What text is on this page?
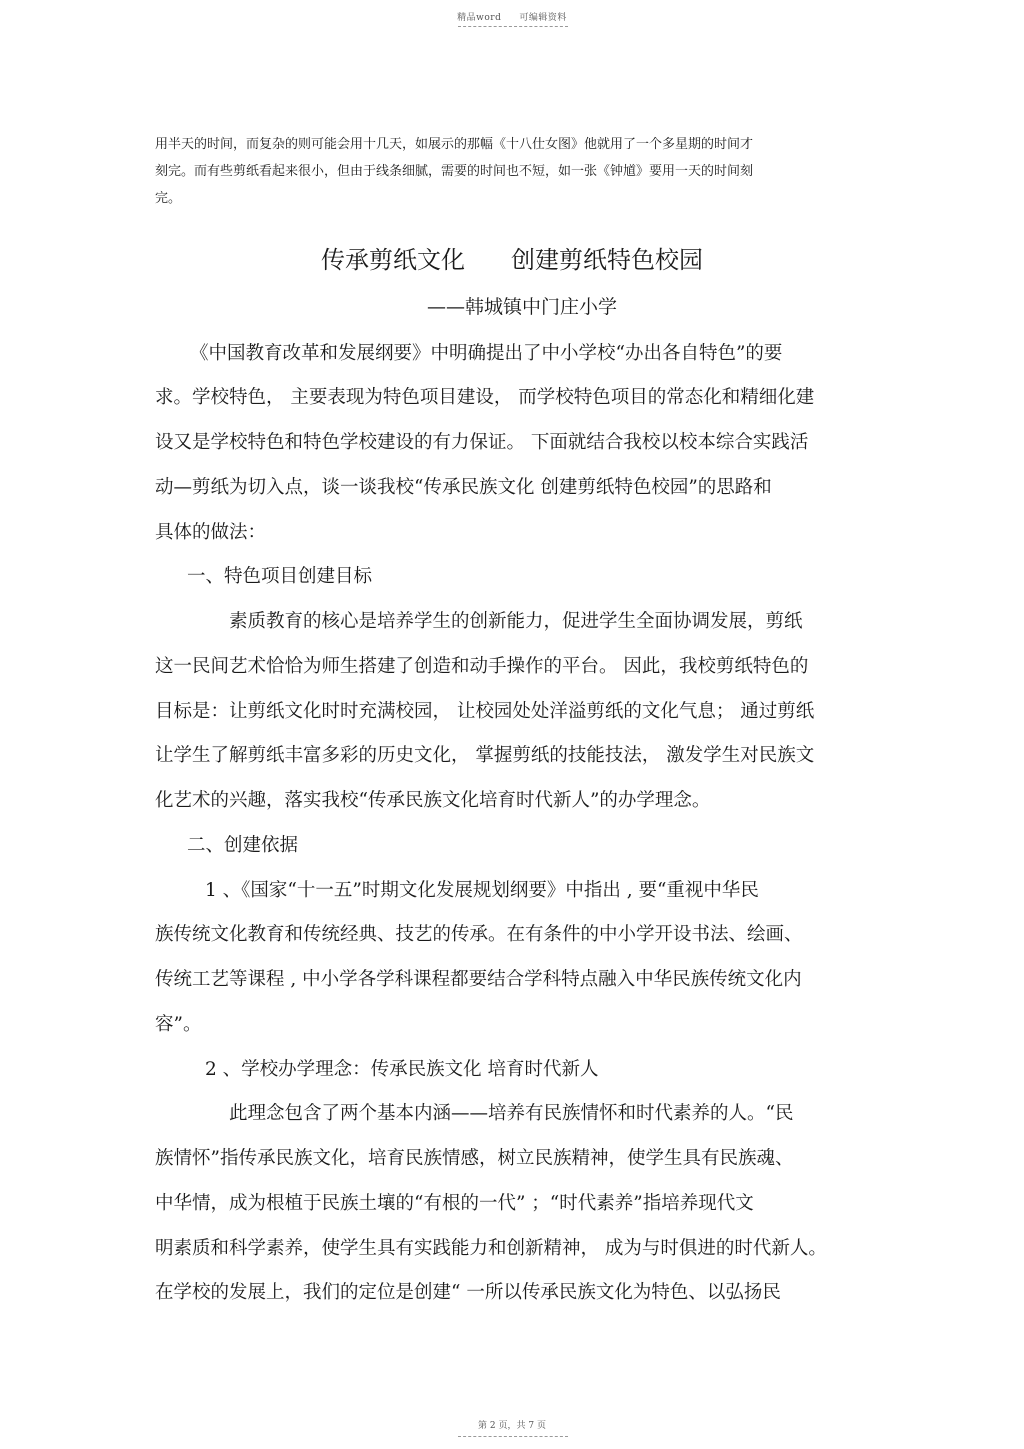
精品word 可编辑资料

用半天的时间，而复杂的则可能会用十几天，如展示的那幅《十八仕女图》他就用了一个多星期的时间才

刻完。而有些剪纸看起来很小，但由于线条细腻，需要的时间也不短，如一张《钟馗》要用一天的时间刻

完。

传承剪纸文化 创建剪纸特色校园

——韩城镇中门庄小学

《中国教育改革和发展纲要》中明确提出了中小学校“办出各自特色”的要

求。学校特色， 主要表现为特色项目建设， 而学校特色项目的常态化和精细化建

设又是学校特色和特色学校建设的有力保证。 下面就结合我校以校本综合实践活

动—剪纸为切入点，谈一谈我校“传承民族文化 创建剪纸特色校园”的思路和

具体的做法：

一、特色项目创建目标

素质教育的核心是培养学生的创新能力，促进学生全面协调发展，剪纸

这一民间艺术恰恰为师生搭建了创造和动手操作的平台。 因此，我校剪纸特色的

目标是：让剪纸文化时时充满校园， 让校园处处洋溢剪纸的文化气息； 通过剪纸

让学生了解剪纸丰富多彩的历史文化， 掌握剪纸的技能技法， 激发学生对民族文

化艺术的兴趣，落实我校“传承民族文化培育时代新人”的办学理念。

二、创建依据

1 、《国家“十一五”时期文化发展规划纲要》中指出 , 要“重视中华民

族传统文化教育和传统经典、技艺的传承。在有条件的中小学开设书法、绘画、

传统工艺等课程 , 中小学各学科课程都要结合学科特点融入中华民族传统文化内

容”。

2 、学校办学理念：传承民族文化 培育时代新人

此理念包含了两个基本内涵——培养有民族情怀和时代素养的人。“民

族情怀”指传承民族文化，培育民族情感，树立民族精神，使学生具有民族魂、

中华情，成为根植于民族土壤的“有根的一代” ；“时代素养”指培养现代文

明素质和科学素养，使学生具有实践能力和创新精神， 成为与时俱进的时代新人。

在学校的发展上，我们的定位是创建“ 一所以传承民族文化为特色、以弘扬民

第 2 页，共 7 页
